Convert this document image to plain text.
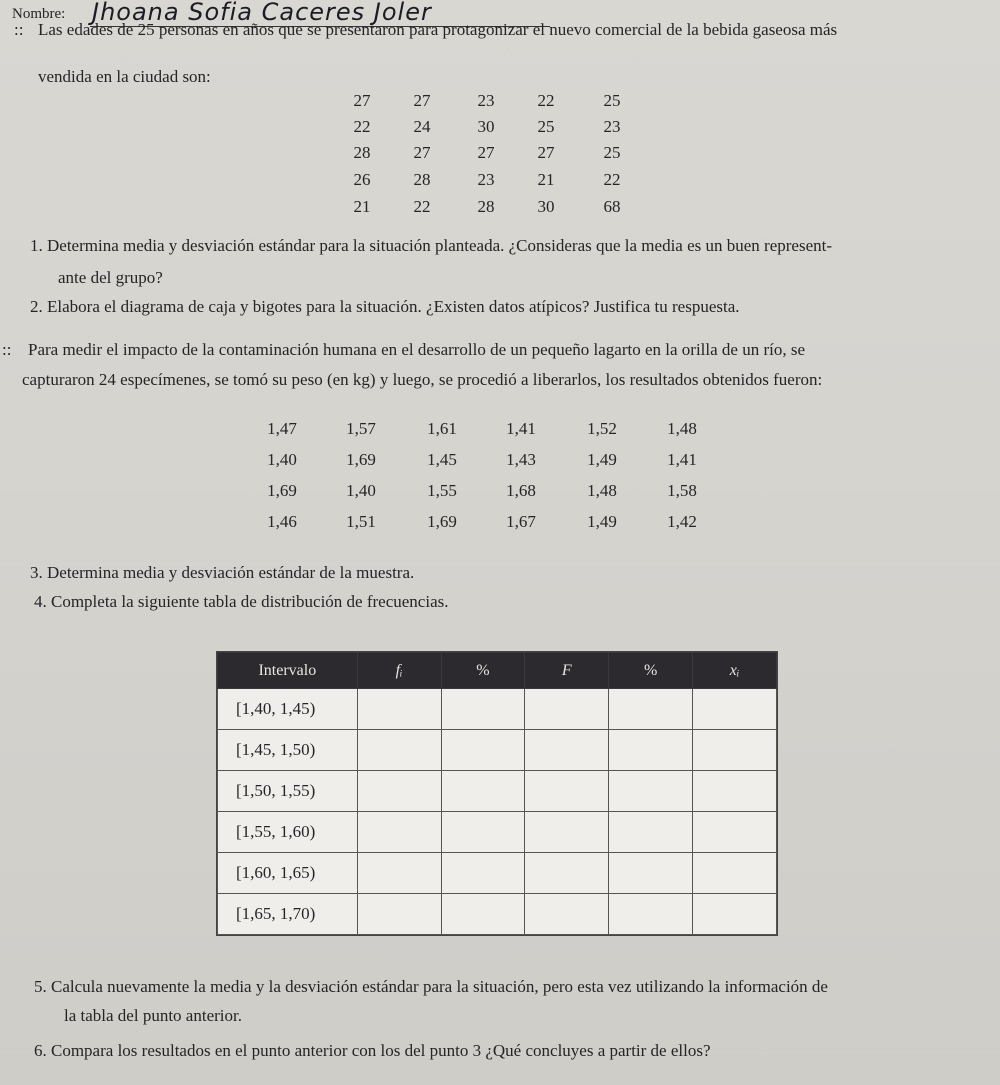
Nombre: Jhoana Sofia Caceres Joler
:: Las edades de 25 personas en años que se presentaron para protagonizar el nuevo comercial de la bebida gaseosa más
vendida en la ciudad son:
27	27	23	22	25
22	24	30	25	23
28	27	27	27	25
26	28	23	21	22
21	22	28	30	68
1. Determina media y desviación estándar para la situación planteada. ¿Consideras que la media es un buen represent-
ante del grupo?
2. Elabora el diagrama de caja y bigotes para la situación. ¿Existen datos atípicos? Justifica tu respuesta.
:: Para medir el impacto de la contaminación humana en el desarrollo de un pequeño lagarto en la orilla de un río, se
capturaron 24 especímenes, se tomó su peso (en kg) y luego, se procedió a liberarlos, los resultados obtenidos fueron:
1,47	1,57	1,61	1,41	1,52	1,48
1,40	1,69	1,45	1,43	1,49	1,41
1,69	1,40	1,55	1,68	1,48	1,58
1,46	1,51	1,69	1,67	1,49	1,42
3. Determina media y desviación estándar de la muestra.
4. Completa la siguiente tabla de distribución de frecuencias.
Intervalo	fᵢ	%	F	%	xᵢ
[1,40, 1,45)					
[1,45, 1,50)					
[1,50, 1,55)					
[1,55, 1,60)					
[1,60, 1,65)					
[1,65, 1,70)					
5. Calcula nuevamente la media y la desviación estándar para la situación, pero esta vez utilizando la información de
la tabla del punto anterior.
6. Compara los resultados en el punto anterior con los del punto 3 ¿Qué concluyes a partir de ellos?
